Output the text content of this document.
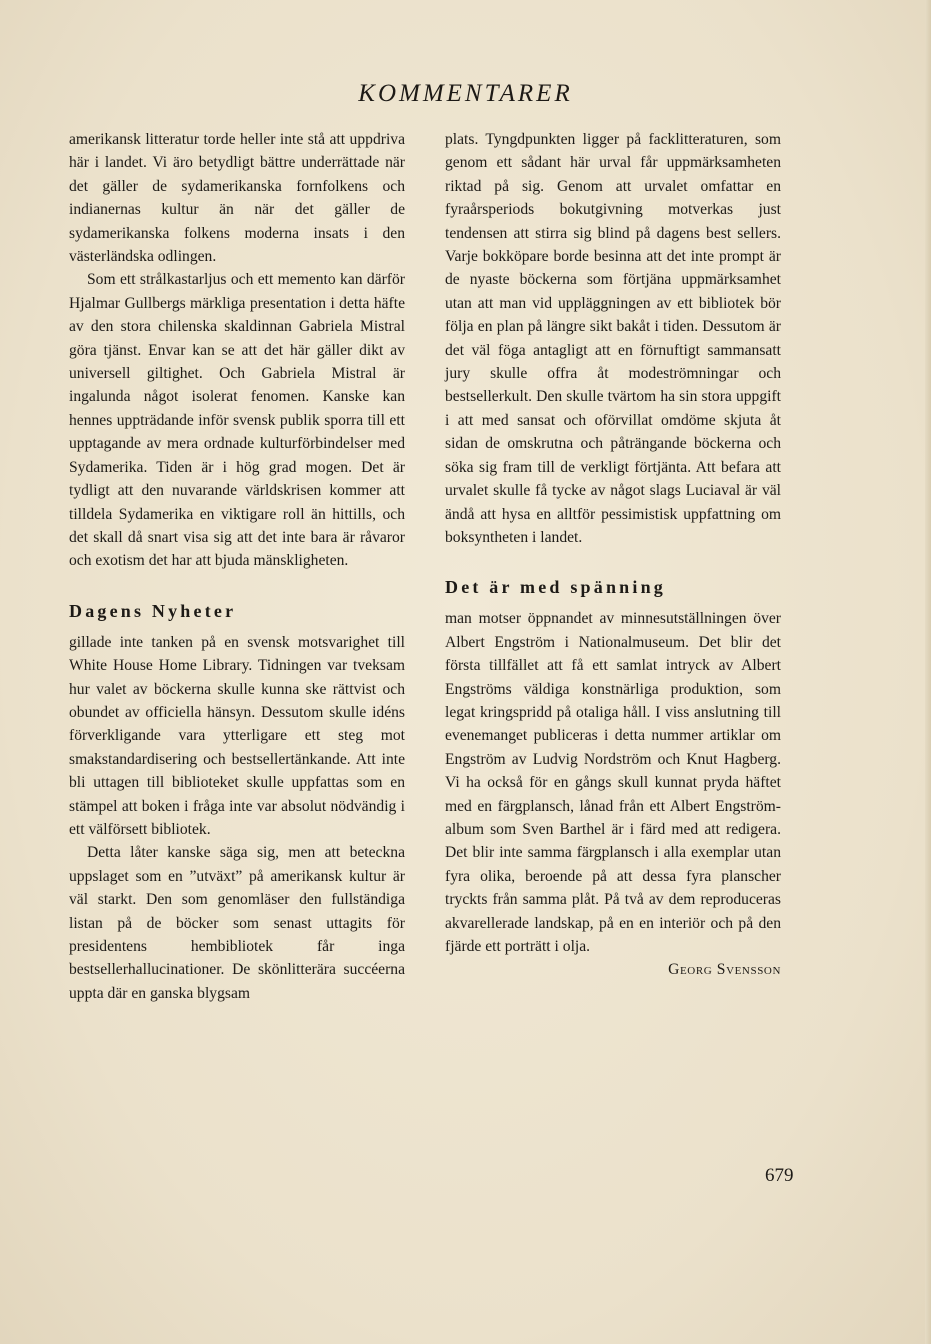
KOMMENTARER

amerikansk litteratur torde heller inte stå att uppdriva här i landet. Vi äro betydligt bättre underrättade när det gäller de sydamerikanska fornfolkens och indianernas kultur än när det gäller de sydamerikanska folkens moderna insats i den västerländska odlingen.

Som ett strålkastarljus och ett memento kan därför Hjalmar Gullbergs märkliga presentation i detta häfte av den stora chilenska skaldinnan Gabriela Mistral göra tjänst. Envar kan se att det här gäller dikt av universell giltighet. Och Gabriela Mistral är ingalunda något isolerat fenomen. Kanske kan hennes uppträdande inför svensk publik sporra till ett upptagande av mera ordnade kulturförbindelser med Sydamerika. Tiden är i hög grad mogen. Det är tydligt att den nuvarande världskrisen kommer att tilldela Sydamerika en viktigare roll än hittills, och det skall då snart visa sig att det inte bara är råvaror och exotism det har att bjuda mänskligheten.

Dagens Nyheter

gillade inte tanken på en svensk motsvarighet till White House Home Library. Tidningen var tveksam hur valet av böckerna skulle kunna ske rättvist och obundet av officiella hänsyn. Dessutom skulle idéns förverkligande vara ytterligare ett steg mot smakstandardisering och bestsellertänkande. Att inte bli uttagen till biblioteket skulle uppfattas som en stämpel att boken i fråga inte var absolut nödvändig i ett välförsett bibliotek.

Detta låter kanske säga sig, men att beteckna uppslaget som en ”utväxt” på amerikansk kultur är väl starkt. Den som genomläser den fullständiga listan på de böcker som senast uttagits för presidentens hembibliotek får inga bestsellerhallucinationer. De skönlitterära succéerna uppta där en ganska blygsam

plats. Tyngdpunkten ligger på facklitteraturen, som genom ett sådant här urval får uppmärksamheten riktad på sig. Genom att urvalet omfattar en fyraårsperiods bokutgivning motverkas just tendensen att stirra sig blind på dagens best sellers. Varje bokköpare borde besinna att det inte prompt är de nyaste böckerna som förtjäna uppmärksamhet utan att man vid uppläggningen av ett bibliotek bör följa en plan på längre sikt bakåt i tiden. Dessutom är det väl föga antagligt att en förnuftigt sammansatt jury skulle offra åt modeströmningar och bestsellerkult. Den skulle tvärtom ha sin stora uppgift i att med sansat och oförvillat omdöme skjuta åt sidan de omskrutna och påträngande böckerna och söka sig fram till de verkligt förtjänta. Att befara att urvalet skulle få tycke av något slags Luciaval är väl ändå att hysa en alltför pessimistisk uppfattning om boksyntheten i landet.

Det är med spänning

man motser öppnandet av minnesutställningen över Albert Engström i Nationalmuseum. Det blir det första tillfället att få ett samlat intryck av Albert Engströms väldiga konstnärliga produktion, som legat kringspridd på otaliga håll. I viss anslutning till evenemanget publiceras i detta nummer artiklar om Engström av Ludvig Nordström och Knut Hagberg. Vi ha också för en gångs skull kunnat pryda häftet med en färgplansch, lånad från ett Albert Engström-album som Sven Barthel är i färd med att redigera. Det blir inte samma färgplansch i alla exemplar utan fyra olika, beroende på att dessa fyra planscher tryckts från samma plåt. På två av dem reproduceras akvarellerade landskap, på en en interiör och på den fjärde ett porträtt i olja.

Georg Svensson

679
